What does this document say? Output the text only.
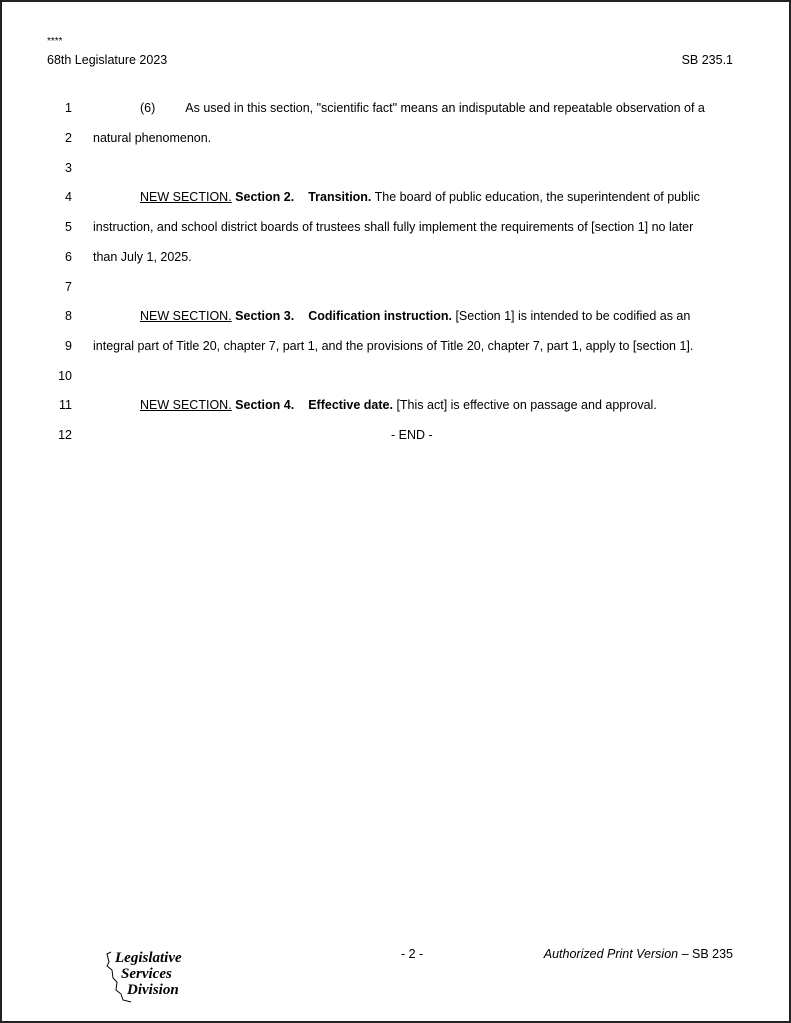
****
68th Legislature 2023	SB 235.1
1	(6) As used in this section, "scientific fact" means an indisputable and repeatable observation of a
2 natural phenomenon.
3
4	NEW SECTION. Section 2. Transition. The board of public education, the superintendent of public
5 instruction, and school district boards of trustees shall fully implement the requirements of [section 1] no later
6 than July 1, 2025.
7
8	NEW SECTION. Section 3. Codification instruction. [Section 1] is intended to be codified as an
9 integral part of Title 20, chapter 7, part 1, and the provisions of Title 20, chapter 7, part 1, apply to [section 1].
10
11	NEW SECTION. Section 4. Effective date. [This act] is effective on passage and approval.
12	- END -
Legislative
Services
Division
- 2 -	Authorized Print Version – SB 235
